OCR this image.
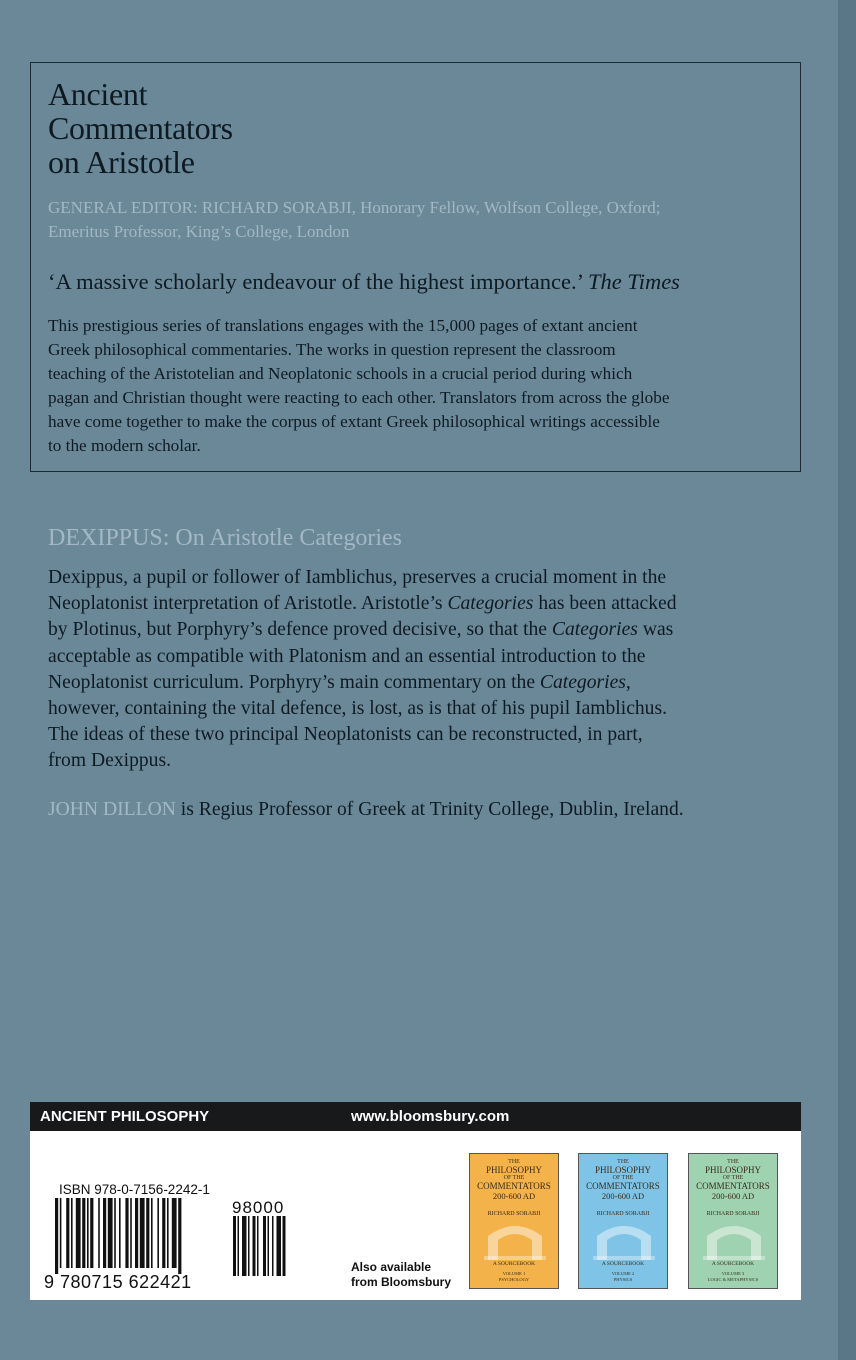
Ancient
Commentators
on Aristotle
GENERAL EDITOR: RICHARD SORABJI, Honorary Fellow, Wolfson College, Oxford;
Emeritus Professor, King’s College, London
‘A massive scholarly endeavour of the highest importance.’ The Times
This prestigious series of translations engages with the 15,000 pages of extant ancient
Greek philosophical commentaries. The works in question represent the classroom
teaching of the Aristotelian and Neoplatonic schools in a crucial period during which
pagan and Christian thought were reacting to each other. Translators from across the globe
have come together to make the corpus of extant Greek philosophical writings accessible
to the modern scholar.
DEXIPPUS: On Aristotle Categories
Dexippus, a pupil or follower of Iamblichus, preserves a crucial moment in the
Neoplatonist interpretation of Aristotle. Aristotle’s Categories has been attacked
by Plotinus, but Porphyry’s defence proved decisive, so that the Categories was
acceptable as compatible with Platonism and an essential introduction to the
Neoplatonist curriculum. Porphyry’s main commentary on the Categories,
however, containing the vital defence, is lost, as is that of his pupil Iamblichus.
The ideas of these two principal Neoplatonists can be reconstructed, in part,
from Dexippus.
JOHN DILLON is Regius Professor of Greek at Trinity College, Dublin, Ireland.
ANCIENT PHILOSOPHY	www.bloomsbury.com
ISBN 978-0-7156-2242-1
98000
9 780715 622421
Also available
from Bloomsbury
THE
PHILOSOPHY
OF THE
COMMENTATORS
200-600 AD
RICHARD SORABJI
A SOURCEBOOK
VOLUME 1
PSYCHOLOGY
THE
PHILOSOPHY
OF THE
COMMENTATORS
200-600 AD
RICHARD SORABJI
A SOURCEBOOK
VOLUME 2
PHYSICS
THE
PHILOSOPHY
OF THE
COMMENTATORS
200-600 AD
RICHARD SORABJI
A SOURCEBOOK
VOLUME 3
LOGIC & METAPHYSICS
